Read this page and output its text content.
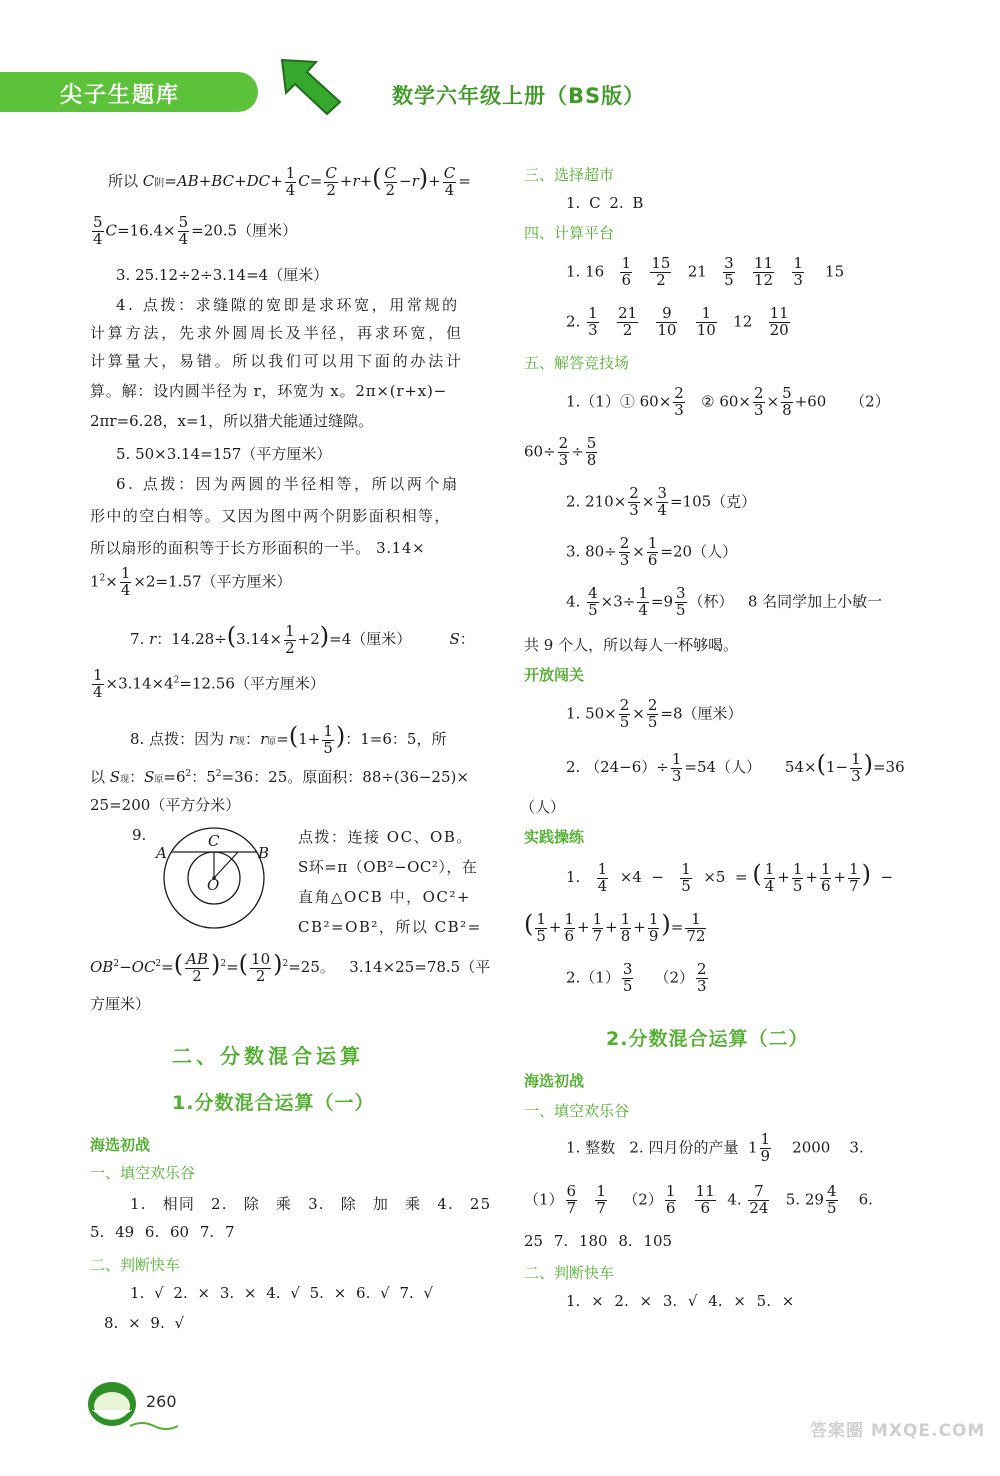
尖子生题库	数学六年级上册（BS版）
所以 C阴$=AB+BC+DC+ \frac{1}{4} C= \frac{C}{2} +r+( \frac{C}{2} -r)+ \frac{C}{4}$ =
$\frac{5}{4} C=16.4\times \frac{5}{4} =20.5$（厘米）
3. 25.12÷2÷3.14=4（厘米）
4. 点拨：求缝隙的宽即是求环宽，用常规的
计算方法，先求外圆周长及半径，再求环宽，但
计算量大，易错。所以我们可以用下面的办法计
算。解：设内圆半径为 r，环宽为 x。2π×(r+x)−
2πr=6.28，x=1，所以猎犬能通过缝隙。
5. 50×3.14=157（平方厘米）
6. 点拨：因为两圆的半径相等，所以两个扇
形中的空白相等。又因为图中两个阴影面积相等，
所以扇形的面积等于长方形面积的一半。 3.14×
$1^2\times \frac{1}{4} \times 2=1.57$（平方厘米）
7. r：$14.28\div(3.14\times \frac{1}{2} +2)=4$（厘米）        S：
$\frac{1}{4} \times 3.14\times 4^2=12.56$（平方厘米）
8. 点拨：因为 r现：r原$=(1+ \frac{1}{5}$ )：1=6：5，所
以 S现：S原$=6^2$：$5^2=36$：25。原面积：88÷(36−25)×
25=200（平方分米）
9.
A	B
C
O
点拨：连接 OC、OB。
S环=π（OB²−OC²），在
直角△OCB 中，OC²+
CB²=OB²，所以 CB²=
$OB^2-OC^2=( \frac{AB}{2} )^2=( \frac{10}{2} )^2=25$。   3.14×25=78.5（平
方厘米）
二、分数混合运算
1.分数混合运算（一）
海选初战
一、填空欢乐谷
1. 相同 2. 除 乘 3. 除 加 乘 4. 25
5. 49 6. 60 7. 7
二、判断快车
1. √ 2. × 3. × 4. √ 5. × 6. √ 7. √
8. × 9. √
三、选择超市
1. C 2. B
四、计算平台
1. $16 \frac{1}{6}$
$\frac{15}{2} 21 \frac{3}{5}$
$\frac{11}{12}$
$\frac{1}{3} 15$
2. $\frac{1}{3}$
$\frac{21}{2}$
$\frac{9}{10}$
$\frac{1}{10} 12 \frac{11}{20}$
五、解答竞技场
1.（1）① $60\times \frac{2}{3}$ ② $60\times \frac{2}{3} \times \frac{5}{8} +60$     （2）
$60\div \frac{2}{3} \div \frac{5}{8}$
2. $210\times \frac{2}{3} \times \frac{3}{4} =105$（克）
3. $80\div \frac{2}{3} \times \frac{1}{6} =20$（人）
4. $\frac{4}{5} \times 3\div \frac{1}{4} =9 \frac{3}{5}$ （杯）   8 名同学加上小敏一
共 9 个人，所以每人一杯够喝。
开放闯关
1. $50\times \frac{2}{5} \times \frac{2}{5} =8$（厘米）
2. $(24-6)\div \frac{1}{3} =54$（人）     $54\times(1- \frac{1}{3} )=36$
（人）
实践操练
1. $\frac{1}{4} \times 4 - \frac{1}{5} \times 5$  = ( $\frac{1}{4} + \frac{1}{5} + \frac{1}{6} + \frac{1}{7}$ )  −
( $\frac{1}{5} + \frac{1}{6} + \frac{1}{7} + \frac{1}{8} + \frac{1}{9}$ )= $\frac{1}{72}$
$2.(1) \frac{3}{5} (2) \frac{2}{3}$
2.分数混合运算（二）
海选初战
一、填空欢乐谷
1. 整数   2. 四月份的产量  $1 \frac{1}{9} 2000$    3.
$(1) \frac{6}{7}$
$\frac{1}{7} (2) \frac{1}{6}$
$\frac{11}{6} 4$. $\frac{7}{24} 5$. $29 \frac{4}{5} 6$.
25 7. 180 8. 105
二、判断快车
1. × 2. × 3. √ 4. × 5. ×
260
答案圈 MXQE.COM
